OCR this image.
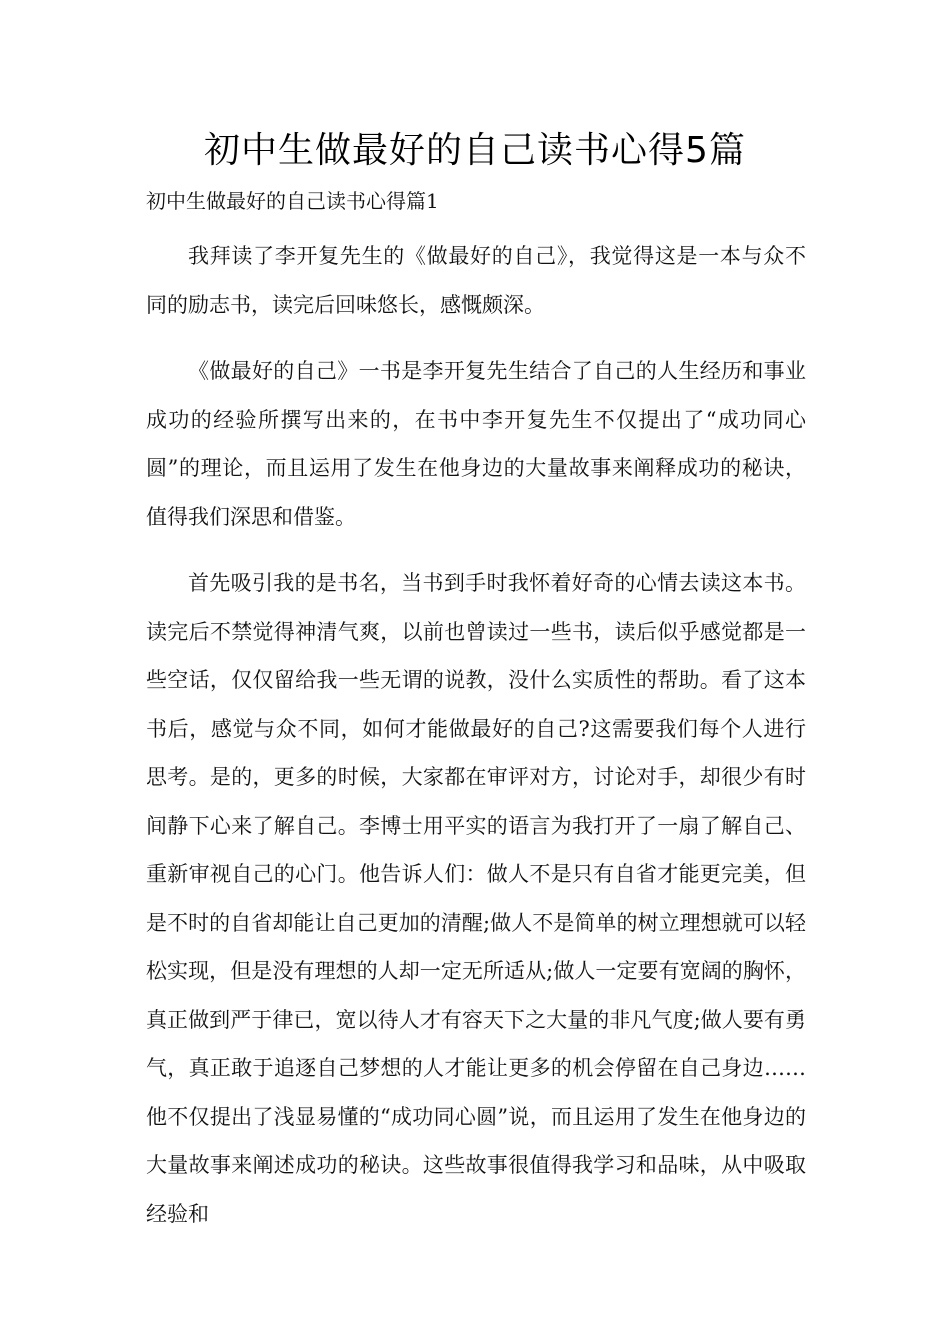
初中生做最好的自己读书心得5篇
初中生做最好的自己读书心得篇1

我拜读了李开复先生的《做最好的自己》，我觉得这是一本与众不同的励志书，读完后回味悠长，感慨颇深。

《做最好的自己》一书是李开复先生结合了自己的人生经历和事业成功的经验所撰写出来的，在书中李开复先生不仅提出了“成功同心圆”的理论，而且运用了发生在他身边的大量故事来阐释成功的秘诀，值得我们深思和借鉴。

首先吸引我的是书名，当书到手时我怀着好奇的心情去读这本书。读完后不禁觉得神清气爽，以前也曾读过一些书，读后似乎感觉都是一些空话，仅仅留给我一些无谓的说教，没什么实质性的帮助。看了这本书后，感觉与众不同，如何才能做最好的自己?这需要我们每个人进行思考。是的，更多的时候，大家都在审评对方，讨论对手，却很少有时间静下心来了解自己。李博士用平实的语言为我打开了一扇了解自己、重新审视自己的心门。他告诉人们：做人不是只有自省才能更完美，但是不时的自省却能让自己更加的清醒;做人不是简单的树立理想就可以轻松实现，但是没有理想的人却一定无所适从;做人一定要有宽阔的胸怀，真正做到严于律已，宽以待人才有容天下之大量的非凡气度;做人要有勇气，真正敢于追逐自己梦想的人才能让更多的机会停留在自己身边……他不仅提出了浅显易懂的“成功同心圆”说，而且运用了发生在他身边的大量故事来阐述成功的秘诀。这些故事很值得我学习和品味，从中吸取经验和
